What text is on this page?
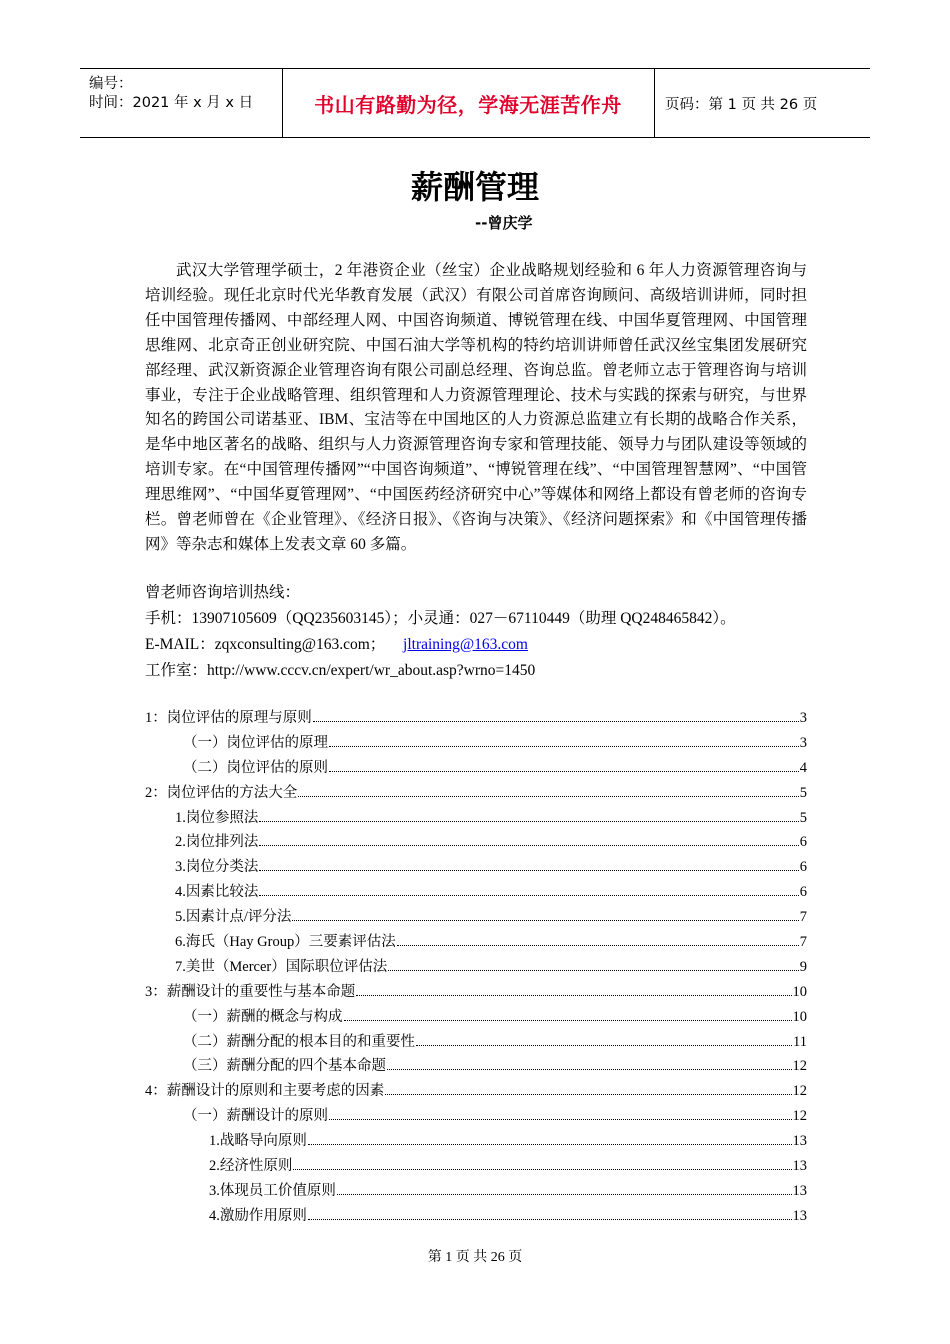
编号：
时间：2021 年 x 月 x 日	书山有路勤为径，学海无涯苦作舟	页码：第 1 页 共 26 页
薪酬管理
--曾庆学
武汉大学管理学硕士，2 年港资企业（丝宝）企业战略规划经验和 6 年人力资源管理咨询与培训经验。现任北京时代光华教育发展（武汉）有限公司首席咨询顾问、高级培训讲师，同时担任中国管理传播网、中部经理人网、中国咨询频道、博锐管理在线、中国华夏管理网、中国管理思维网、北京奇正创业研究院、中国石油大学等机构的特约培训讲师曾任武汉丝宝集团发展研究部经理、武汉新资源企业管理咨询有限公司副总经理、咨询总监。曾老师立志于管理咨询与培训事业，专注于企业战略管理、组织管理和人力资源管理理论、技术与实践的探索与研究，与世界知名的跨国公司诺基亚、IBM、宝洁等在中国地区的人力资源总监建立有长期的战略合作关系，是华中地区著名的战略、组织与人力资源管理咨询专家和管理技能、领导力与团队建设等领域的培训专家。在“中国管理传播网”“中国咨询频道”、“博锐管理在线”、“中国管理智慧网”、“中国管理思维网”、“中国华夏管理网”、“中国医药经济研究中心”等媒体和网络上都设有曾老师的咨询专栏。曾老师曾在《企业管理》、《经济日报》、《咨询与决策》、《经济问题探索》和《中国管理传播网》等杂志和媒体上发表文章 60 多篇。
曾老师咨询培训热线：
手机：13907105609（QQ235603145）；小灵通：027－67110449（助理 QQ248465842）。
E-MAIL：zqxconsulting@163.com； jltraining@163.com
工作室：http://www.cccv.cn/expert/wr_about.asp?wrno=1450
1：岗位评估的原理与原则	3
（一）岗位评估的原理	3
（二）岗位评估的原则	4
2：岗位评估的方法大全	5
1.岗位参照法	5
2.岗位排列法	6
3.岗位分类法	6
4.因素比较法	6
5.因素计点/评分法	7
6.海氏（Hay Group）三要素评估法	7
7.美世（Mercer）国际职位评估法	9
3：薪酬设计的重要性与基本命题	10
（一）薪酬的概念与构成	10
（二）薪酬分配的根本目的和重要性	11
（三）薪酬分配的四个基本命题	12
4：薪酬设计的原则和主要考虑的因素	12
（一）薪酬设计的原则	12
1.战略导向原则	13
2.经济性原则	13
3.体现员工价值原则	13
4.激励作用原则	13
第 1 页 共 26 页
